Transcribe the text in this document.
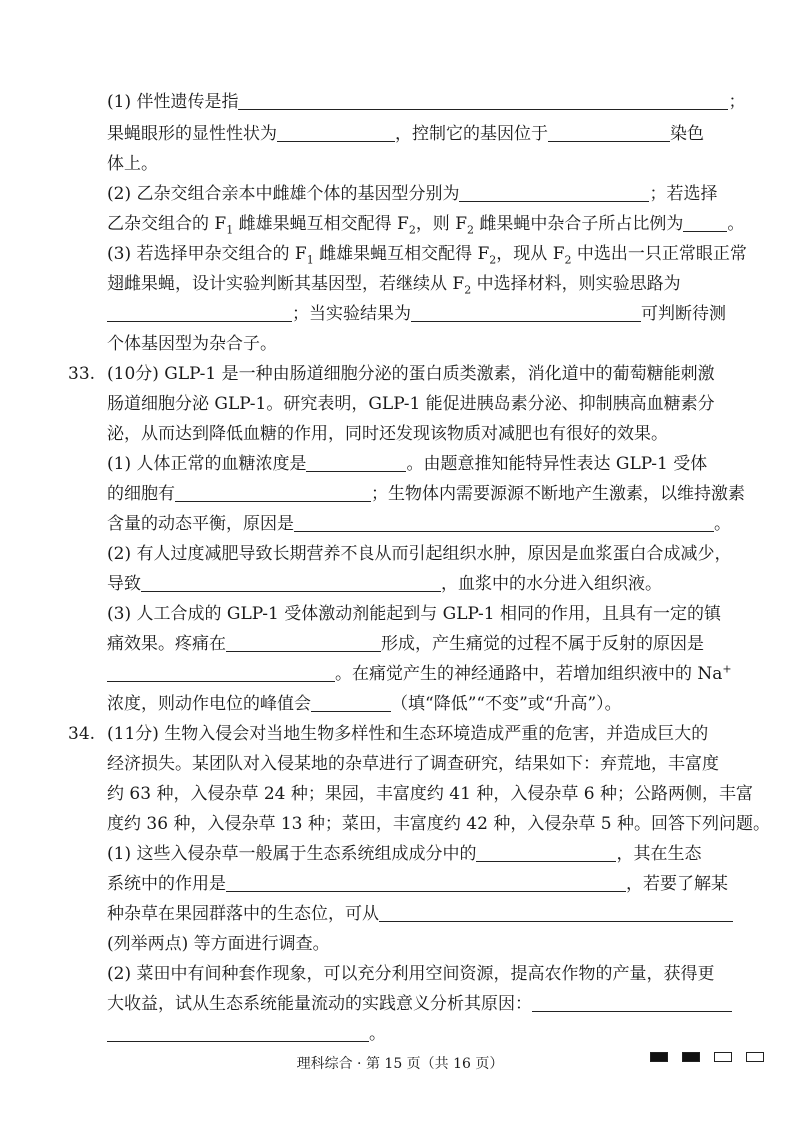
(1) 伴性遗传是指	；
果蝇眼形的显性性状为	，控制它的基因位于	染色
体上。
(2) 乙杂交组合亲本中雌雄个体的基因型分别为	；若选择
乙杂交组合的 $F_1$ 雌雄果蝇互相交配得 $F_2$，则 $F_2$ 雌果蝇中杂合子所占比例为	。
(3) 若选择甲杂交组合的 $F_1$ 雌雄果蝇互相交配得 $F_2$，现从 $F_2$ 中选出一只正常眼正常
翅雌果蝇，设计实验判断其基因型，若继续从 $F_2$ 中选择材料，则实验思路为
；当实验结果为	可判断待测
个体基因型为杂合子。
33. (10分) GLP-1 是一种由肠道细胞分泌的蛋白质类激素，消化道中的葡萄糖能刺激
肠道细胞分泌 GLP-1。研究表明，GLP-1 能促进胰岛素分泌、抑制胰高血糖素分
泌，从而达到降低血糖的作用，同时还发现该物质对减肥也有很好的效果。
(1) 人体正常的血糖浓度是	。由题意推知能特异性表达 GLP-1 受体
的细胞有	；生物体内需要源源不断地产生激素，以维持激素
含量的动态平衡，原因是	。
(2) 有人过度减肥导致长期营养不良从而引起组织水肿，原因是血浆蛋白合成减少，
导致	，血浆中的水分进入组织液。
(3) 人工合成的 GLP-1 受体激动剂能起到与 GLP-1 相同的作用，且具有一定的镇
痛效果。疼痛在	形成，产生痛觉的过程不属于反射的原因是
。在痛觉产生的神经通路中，若增加组织液中的 Na+
浓度，则动作电位的峰值会	（填“降低”“不变”或“升高”）。
34. (11分) 生物入侵会对当地生物多样性和生态环境造成严重的危害，并造成巨大的
经济损失。某团队对入侵某地的杂草进行了调查研究，结果如下：弃荒地，丰富度
约 63 种，入侵杂草 24 种；果园，丰富度约 41 种，入侵杂草 6 种；公路两侧，丰富
度约 36 种，入侵杂草 13 种；菜田，丰富度约 42 种，入侵杂草 5 种。回答下列问题。
(1) 这些入侵杂草一般属于生态系统组成成分中的	，其在生态
系统中的作用是	，若要了解某
种杂草在果园群落中的生态位，可从
(列举两点) 等方面进行调查。
(2) 菜田中有间种套作现象，可以充分利用空间资源，提高农作物的产量，获得更
大收益，试从生态系统能量流动的实践意义分析其原因：
。
理科综合 · 第 15 页（共 16 页）
